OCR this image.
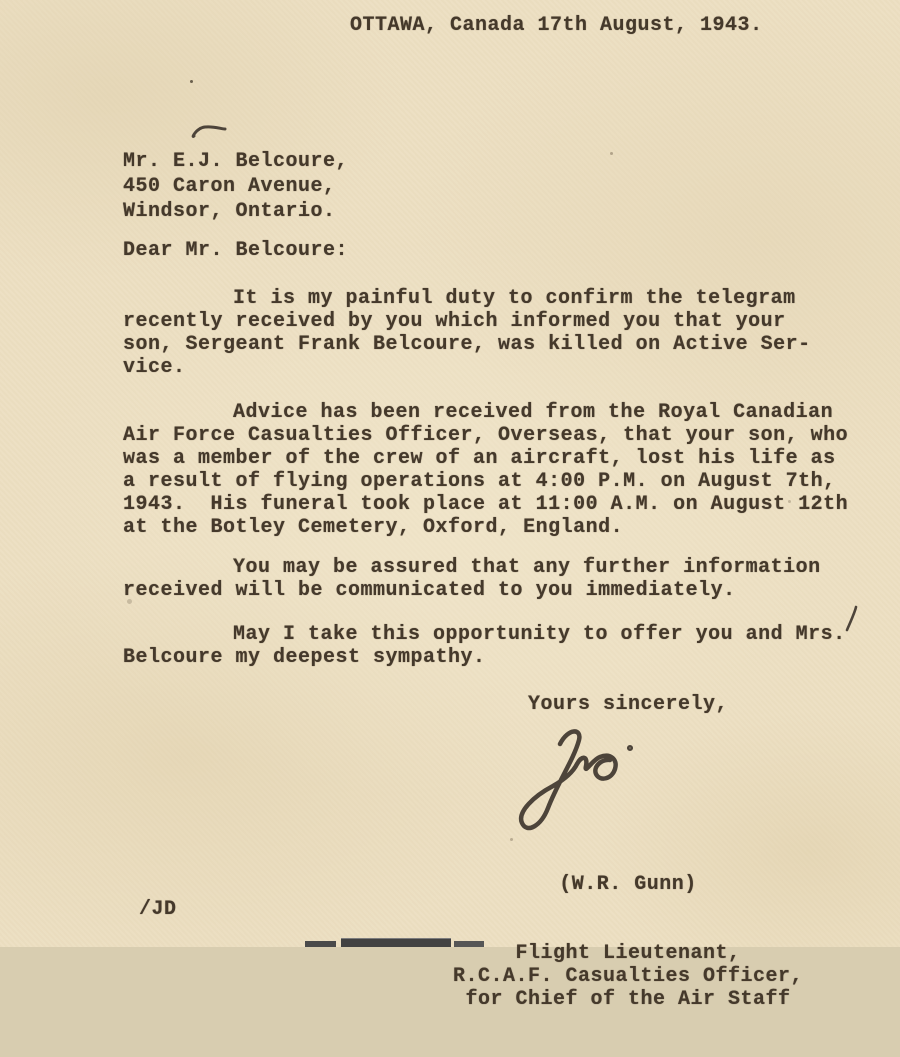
OTTAWA, Canada 17th August, 1943.
Mr. E.J. Belcoure,
450 Caron Avenue,
Windsor, Ontario.
Dear Mr. Belcoure:
It is my painful duty to confirm the telegram
recently received by you which informed you that your
son, Sergeant Frank Belcoure, was killed on Active Ser-
vice.
Advice has been received from the Royal Canadian
Air Force Casualties Officer, Overseas, that your son, who
was a member of the crew of an aircraft, lost his life as
a result of flying operations at 4:00 P.M. on August 7th,
1943.  His funeral took place at 11:00 A.M. on August 12th
at the Botley Cemetery, Oxford, England.
You may be assured that any further information
received will be communicated to you immediately.
May I take this opportunity to offer you and Mrs.
Belcoure my deepest sympathy.
Yours sincerely,

(W.R. Gunn)

Flight Lieutenant,
R.C.A.F. Casualties Officer,
for Chief of the Air Staff

/JD
